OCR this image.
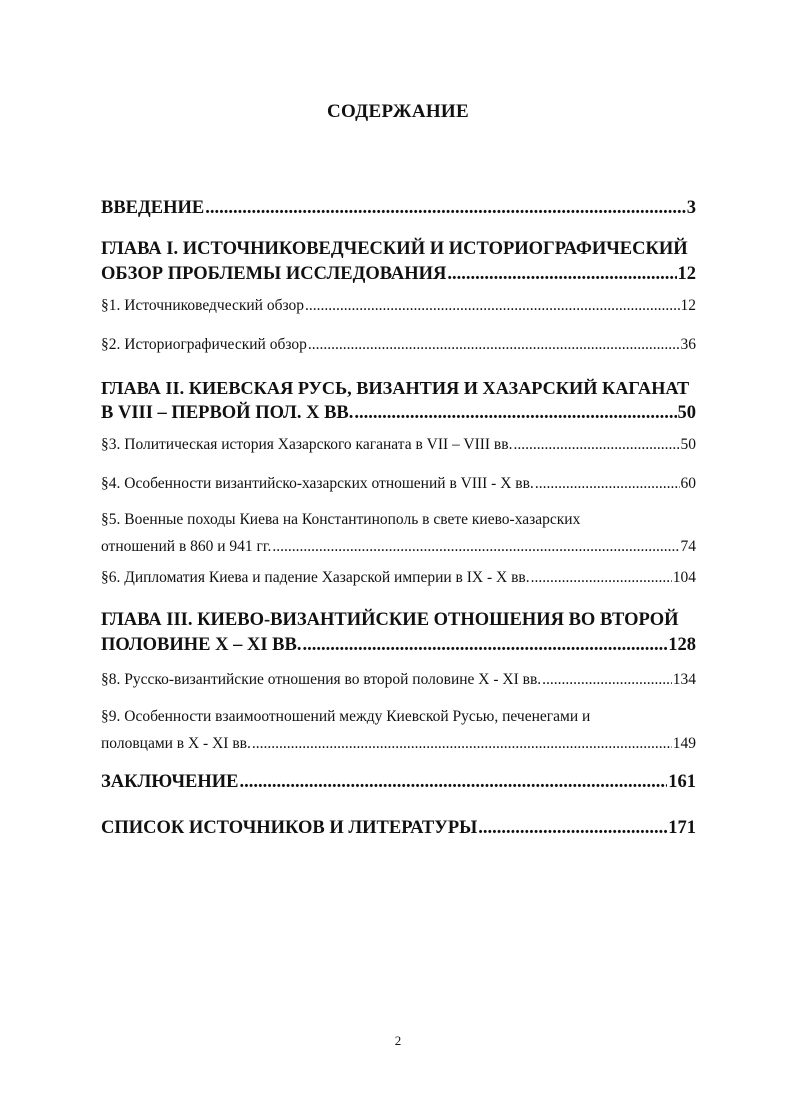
СОДЕРЖАНИЕ
ВВЕДЕНИЕ .....	3
ГЛАВА I. ИСТОЧНИКОВЕДЧЕСКИЙ И ИСТОРИОГРАФИЧЕСКИЙ
ОБЗОР ПРОБЛЕМЫ ИССЛЕДОВАНИЯ .....	12
§1. Источниковедческий обзор .....	12
§2. Историографический обзор .....	36
ГЛАВА II. КИЕВСКАЯ РУСЬ, ВИЗАНТИЯ И ХАЗАРСКИЙ КАГАНАТ
В VIII – ПЕРВОЙ ПОЛ. Х ВВ. .....	50
§3. Политическая история Хазарского каганата в VII – VIII вв. .....	50
§4. Особенности византийско-хазарских отношений в VIII - Х вв. .....	60
§5. Военные походы Киева на Константинополь в свете киево-хазарских
отношений в 860 и 941 гг. .....	74
§6. Дипломатия Киева и падение Хазарской империи в IX - Х вв. .....	104
ГЛАВА III. КИЕВО-ВИЗАНТИЙСКИЕ ОТНОШЕНИЯ ВО ВТОРОЙ
ПОЛОВИНЕ Х – XI ВВ. .....	128
§8. Русско-византийские отношения во второй половине Х - XI вв. .....	134
§9. Особенности взаимоотношений между Киевской Русью, печенегами и
половцами в Х - XI вв. .....	149
ЗАКЛЮЧЕНИЕ .....	161
СПИСОК ИСТОЧНИКОВ И ЛИТЕРАТУРЫ .....	171
2
